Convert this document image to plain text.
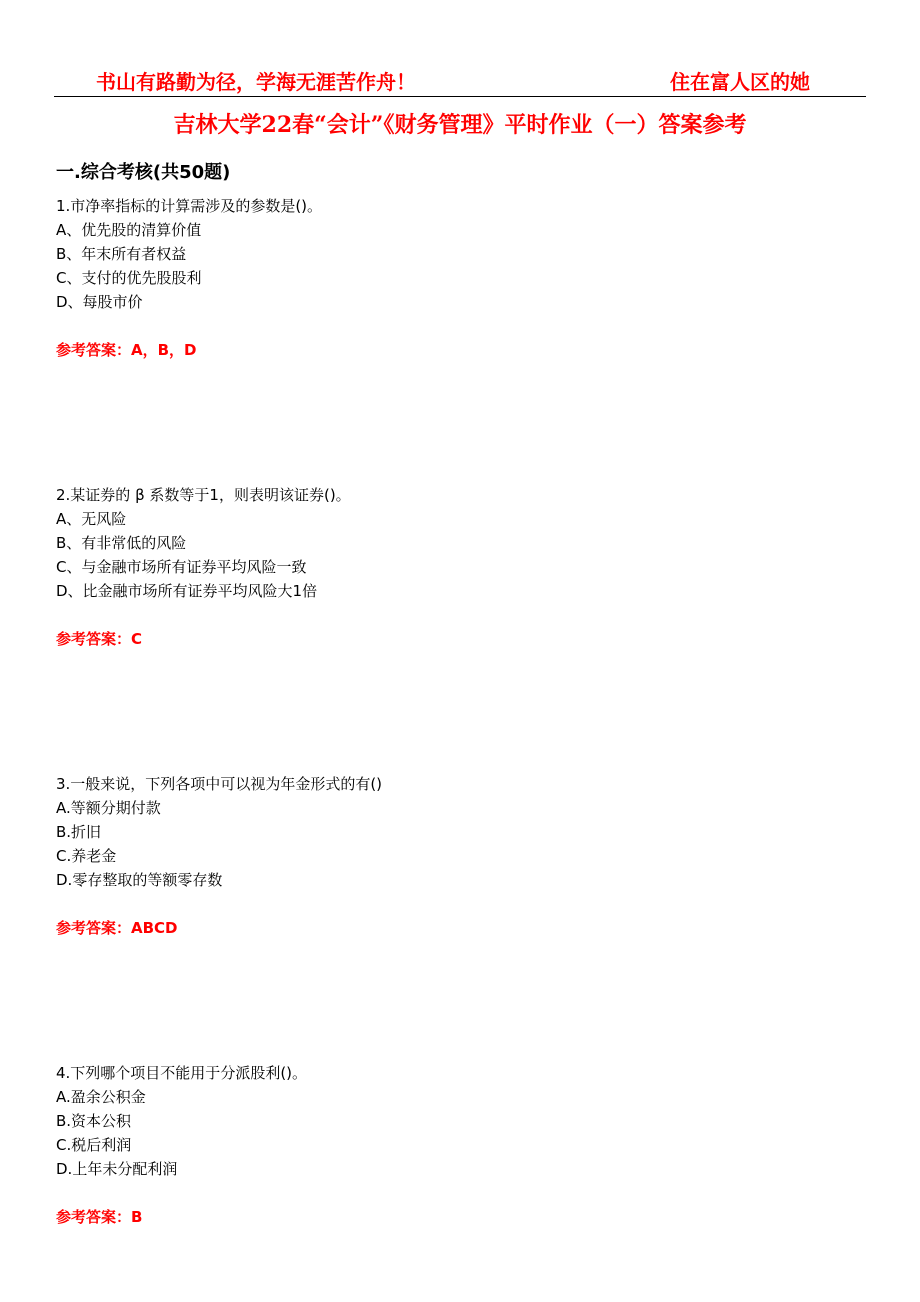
书山有路勤为径，学海无涯苦作舟！	住在富人区的她
吉林大学22春“会计”《财务管理》平时作业（一）答案参考
一.综合考核(共50题)
1.市净率指标的计算需涉及的参数是()。
A、优先股的清算价值
B、年末所有者权益
C、支付的优先股股利
D、每股市价
参考答案：A，B，D
2.某证券的 β 系数等于1，则表明该证券()。
A、无风险
B、有非常低的风险
C、与金融市场所有证券平均风险一致
D、比金融市场所有证券平均风险大1倍
参考答案：C
3.一般来说，下列各项中可以视为年金形式的有()
A.等额分期付款
B.折旧
C.养老金
D.零存整取的等额零存数
参考答案：ABCD
4.下列哪个项目不能用于分派股利()。
A.盈余公积金
B.资本公积
C.税后利润
D.上年未分配利润
参考答案：B
